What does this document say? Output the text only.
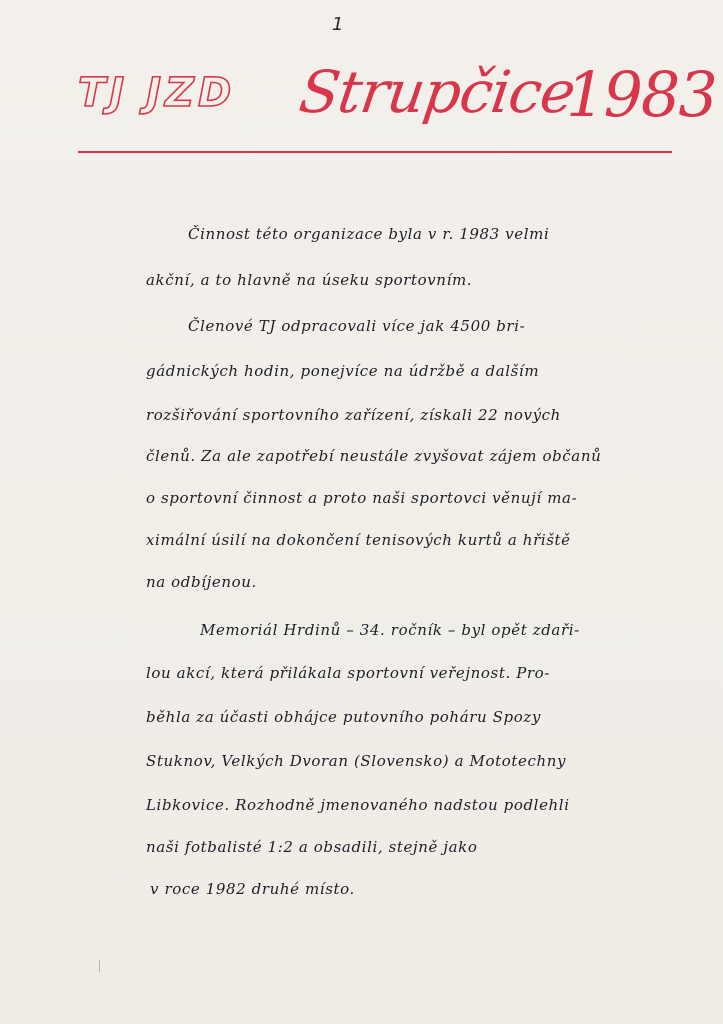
1
TJ JZD Strupčice
1983
Činnost této organizace byla v r. 1983 velmi
akční, a to hlavně na úseku sportovním.
Členové TJ odpracovali více jak 4500 bri-
gádnických hodin, ponejvíce na údržbě a dalším
rozšiřování sportovního zařízení, získali 22 nových
členů. Za ale zapotřebí neustále zvyšovat zájem občanů
o sportovní činnost a proto naši sportovci věnují ma-
ximální úsilí na dokončení tenisových kurtů a hřiště
na odbíjenou.
Memoriál Hrdinů – 34. ročník – byl opět zdaři-
lou akcí, která přilákala sportovní veřejnost. Pro-
běhla za účasti obhájce putovního poháru Spozy
Stuknov, Velkých Dvoran (Slovensko) a Mototechny
Libkovice. Rozhodně jmenovaného nadstou podlehli
naši fotbalisté 1:2 a obsadili, stejně jako
v roce 1982 druhé místo.
